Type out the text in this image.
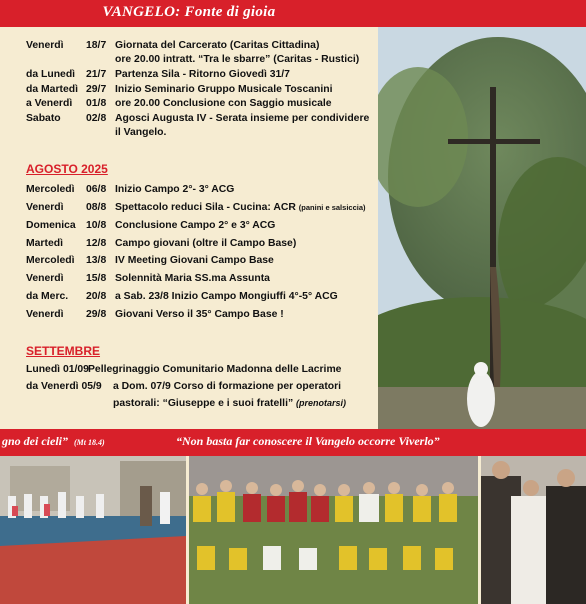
VANGELO: Fonte di gioia
Venerdì 18/7 Giornata del Carcerato (Caritas Cittadina)
ore 20.00 intratt. “Tra le sbarre” (Caritas - Rustici)
da Lunedì 21/7 Partenza Sila - Ritorno Giovedì 31/7
da Martedì 29/7 Inizio Seminario Gruppo Musicale Toscanini
a Venerdì 01/8 ore 20.00 Conclusione con Saggio musicale
Sabato 02/8 Agosci Augusta IV - Serata insieme per condividere
il Vangelo.
AGOSTO 2025
Mercoledì 06/8 Inizio Campo 2°- 3° ACG
Venerdì 08/8 Spettacolo reduci Sila - Cucina: ACR (panini e salsiccia)
Domenica 10/8 Conclusione Campo 2° e 3° ACG
Martedì 12/8 Campo giovani (oltre il Campo Base)
Mercoledì 13/8 IV Meeting Giovani Campo Base
Venerdì 15/8 Solennità Maria SS.ma Assunta
da Merc. 20/8 a Sab. 23/8 Inizio Campo Mongiuffi 4°-5° ACG
Venerdì 29/8 Giovani Verso il 35° Campo Base !
SETTEMBRE
Lunedì 01/09 Pellegrinaggio Comunitario Madonna delle Lacrime
da Venerdì 05/9 a Dom. 07/9 Corso di formazione per operatori
pastorali: “Giuseppe e i suoi fratelli” (prenotarsi)
gno dei cieli” (Mt 18.4)	“Non basta far conoscere il Vangelo occorre Viverlo”
